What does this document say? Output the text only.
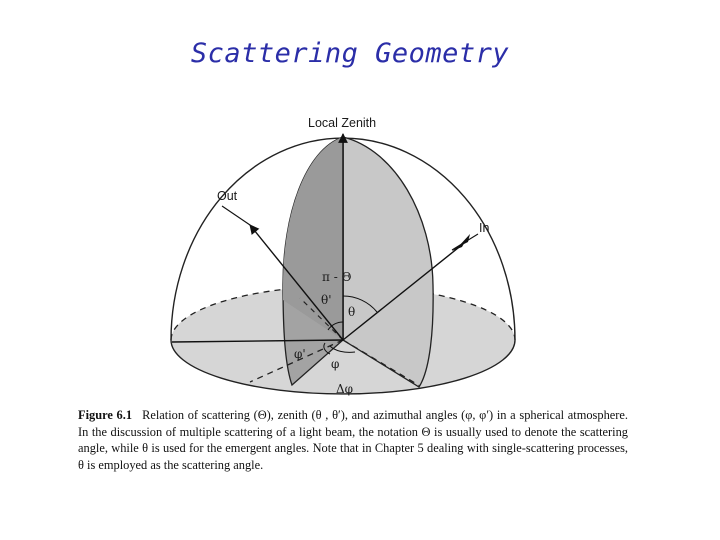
Scattering Geometry
Local Zenith
Out
In
π - Θ
θ'
θ
φ'
φ
Δφ
Figure 6.1 Relation of scattering (Θ), zenith (θ , θ′), and azimuthal angles (φ, φ′) in a spherical atmosphere. In the discussion of multiple scattering of a light beam, the notation Θ is usually used to denote the scattering angle, while θ is used for the emergent angles. Note that in Chapter 5 dealing with single-scattering processes, θ is employed as the scattering angle.
